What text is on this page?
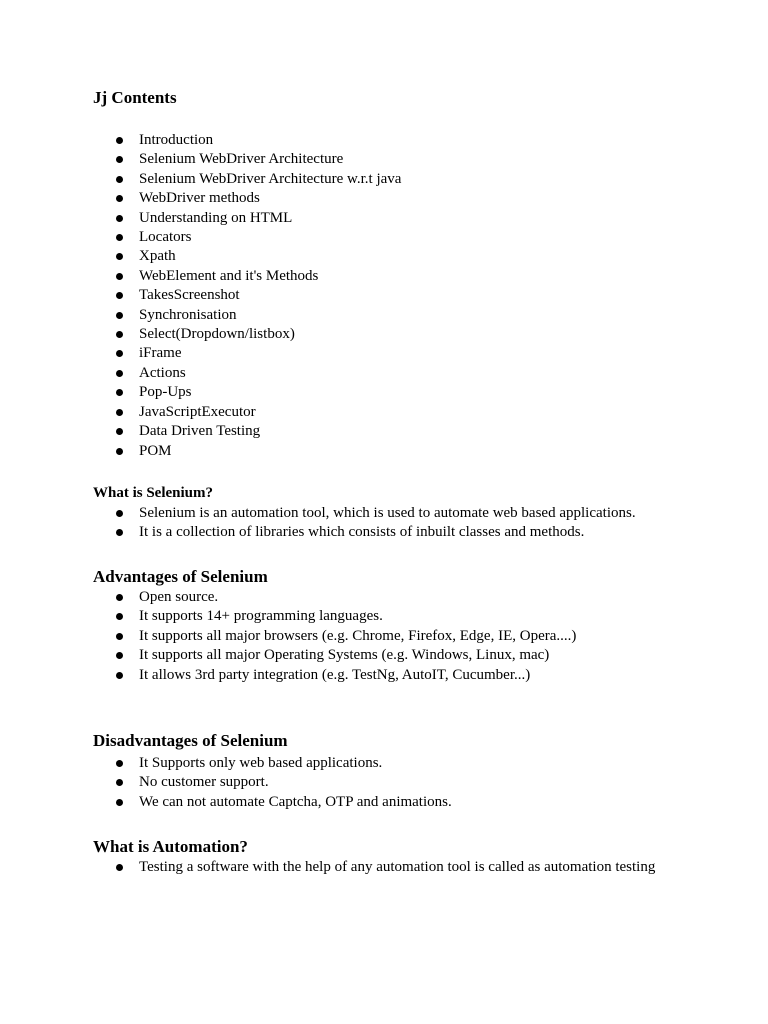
Jj Contents
Introduction
Selenium WebDriver Architecture
Selenium WebDriver Architecture w.r.t java
WebDriver methods
Understanding on HTML
Locators
Xpath
WebElement and it's Methods
TakesScreenshot
Synchronisation
Select(Dropdown/listbox)
iFrame
Actions
Pop-Ups
JavaScriptExecutor
Data Driven Testing
POM
What is Selenium?
Selenium is an automation tool, which is used to automate web based applications.
It is a collection of libraries which consists of inbuilt classes and methods.
Advantages of Selenium
Open source.
It supports 14+ programming languages.
It supports all major browsers (e.g. Chrome, Firefox, Edge, IE, Opera....)
It supports all major Operating Systems (e.g. Windows, Linux, mac)
It allows 3rd party integration (e.g. TestNg, AutoIT, Cucumber...)
Disadvantages of Selenium
It Supports only web based applications.
No customer support.
We can not automate Captcha, OTP and animations.
What is Automation?
Testing a software with the help of any automation tool is called as automation testing
